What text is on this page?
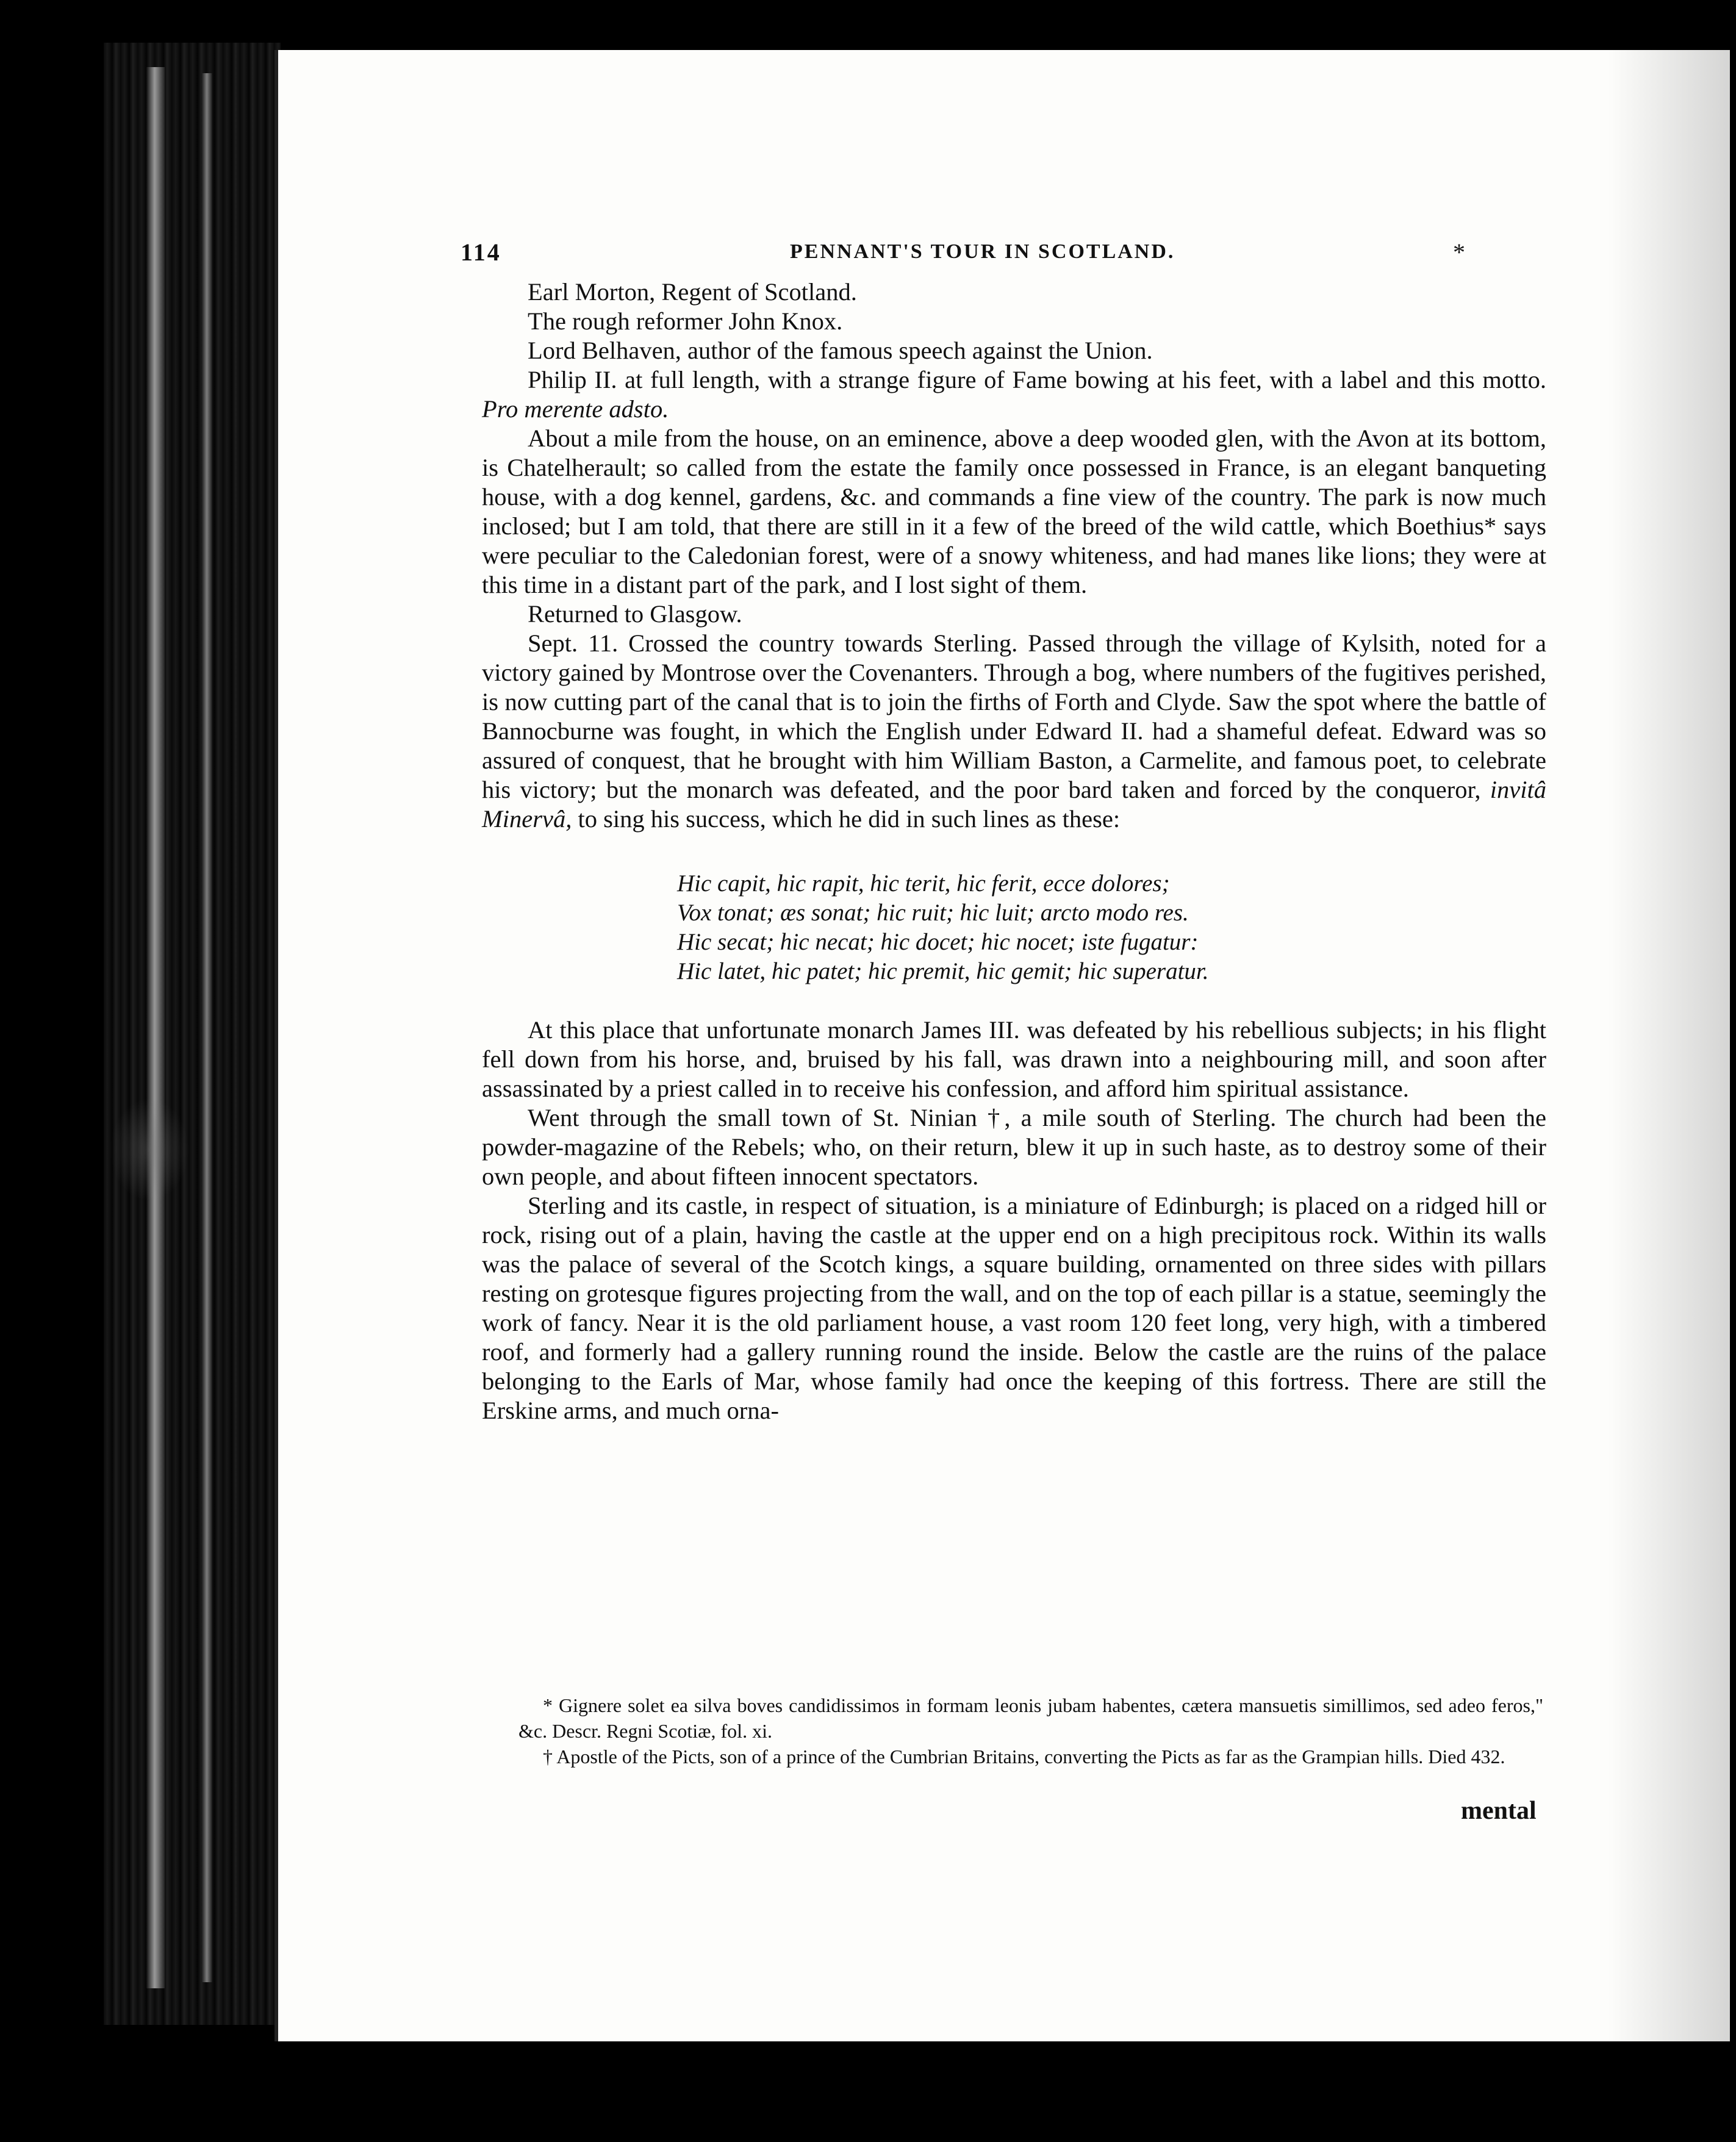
114	PENNANT'S TOUR IN SCOTLAND.	*

Earl Morton, Regent of Scotland.

The rough reformer John Knox.

Lord Belhaven, author of the famous speech against the Union.

Philip II. at full length, with a strange figure of Fame bowing at his feet, with a label and this motto. Pro merente adsto.

About a mile from the house, on an eminence, above a deep wooded glen, with the Avon at its bottom, is Chatelherault; so called from the estate the family once possessed in France, is an elegant banqueting house, with a dog kennel, gardens, &c. and commands a fine view of the country. The park is now much inclosed; but I am told, that there are still in it a few of the breed of the wild cattle, which Boethius* says were peculiar to the Caledonian forest, were of a snowy whiteness, and had manes like lions; they were at this time in a distant part of the park, and I lost sight of them.

Returned to Glasgow.

Sept. 11. Crossed the country towards Sterling. Passed through the village of Kylsith, noted for a victory gained by Montrose over the Covenanters. Through a bog, where numbers of the fugitives perished, is now cutting part of the canal that is to join the firths of Forth and Clyde. Saw the spot where the battle of Bannocburne was fought, in which the English under Edward II. had a shameful defeat. Edward was so assured of conquest, that he brought with him William Baston, a Carmelite, and famous poet, to celebrate his victory; but the monarch was defeated, and the poor bard taken and forced by the conqueror, invitâ Minervâ, to sing his success, which he did in such lines as these:

Hic capit, hic rapit, hic terit, hic ferit, ecce dolores;
Vox tonat; æs sonat; hic ruit; hic luit; arcto modo res.
Hic secat; hic necat; hic docet; hic nocet; iste fugatur:
Hic latet, hic patet; hic premit, hic gemit; hic superatur.

At this place that unfortunate monarch James III. was defeated by his rebellious subjects; in his flight fell down from his horse, and, bruised by his fall, was drawn into a neighbouring mill, and soon after assassinated by a priest called in to receive his confession, and afford him spiritual assistance.

Went through the small town of St. Ninian †, a mile south of Sterling. The church had been the powder-magazine of the Rebels; who, on their return, blew it up in such haste, as to destroy some of their own people, and about fifteen innocent spectators.

Sterling and its castle, in respect of situation, is a miniature of Edinburgh; is placed on a ridged hill or rock, rising out of a plain, having the castle at the upper end on a high precipitous rock. Within its walls was the palace of several of the Scotch kings, a square building, ornamented on three sides with pillars resting on grotesque figures projecting from the wall, and on the top of each pillar is a statue, seemingly the work of fancy. Near it is the old parliament house, a vast room 120 feet long, very high, with a timbered roof, and formerly had a gallery running round the inside. Below the castle are the ruins of the palace belonging to the Earls of Mar, whose family had once the keeping of this fortress. There are still the Erskine arms, and much orna-

* Gignere solet ea silva boves candidissimos in formam leonis jubam habentes, cætera mansuetis simillimos, sed adeo feros," &c. Descr. Regni Scotiæ, fol. xi.

† Apostle of the Picts, son of a prince of the Cumbrian Britains, converting the Picts as far as the Grampian hills. Died 432.

mental
